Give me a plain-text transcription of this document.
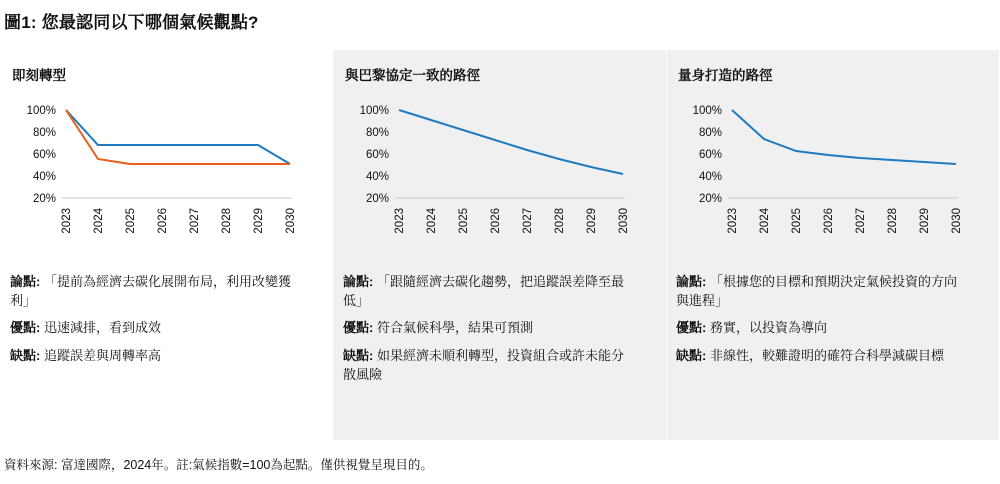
圖1: 您最認同以下哪個氣候觀點?
即刻轉型
100%
80%
60%
40%
20%
2023 2024 2025 2026 2027 2028 2029 2030

論點: 「提前為經濟去碳化展開布局，利用改變獲利」

優點: 迅速減排，看到成效

缺點: 追蹤誤差與周轉率高

與巴黎協定一致的路徑
100%
80%
60%
40%
20%
2023 2024 2025 2026 2027 2028 2029 2030

論點: 「跟隨經濟去碳化趨勢，把追蹤誤差降至最低」

優點: 符合氣候科學，結果可預測

缺點: 如果經濟未順利轉型，投資組合或許未能分散風險

量身打造的路徑
100%
80%
60%
40%
20%
2023 2024 2025 2026 2027 2028 2029 2030

論點: 「根據您的目標和預期決定氣候投資的方向與進程」

優點: 務實，以投資為導向

缺點: 非線性，較難證明的確符合科學減碳目標

資料來源: 富達國際，2024年。註:氣候指數=100為起點。僅供視覺呈現目的。
